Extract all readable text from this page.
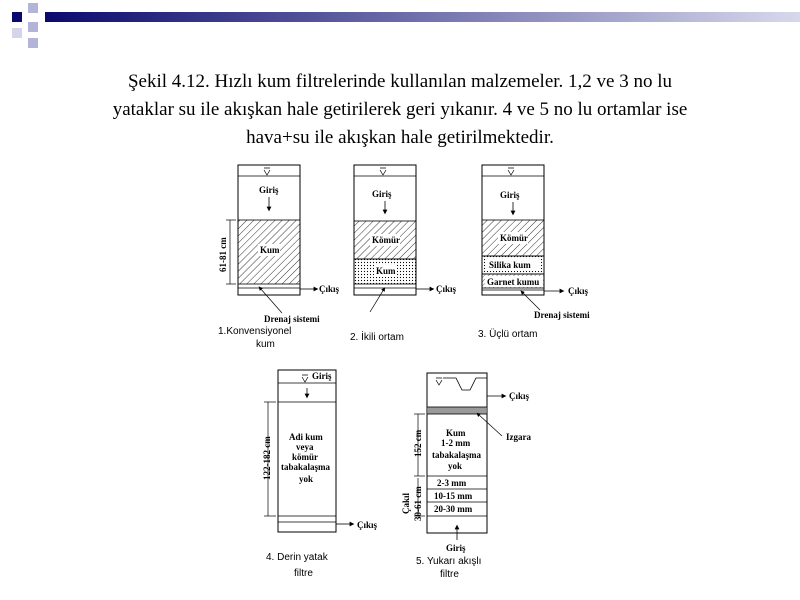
Şekil 4.12. Hızlı kum filtrelerinde kullanılan malzemeler. 1,2 ve 3 no lu
yataklar su ile akışkan hale getirilerek geri yıkanır. 4 ve 5 no lu ortamlar ise
hava+su ile akışkan hale getirilmektedir.
Giriş
Kum
61-81 cm
Çıkış
Drenaj sistemi
1.Konvensiyonel
kum
Giriş
Kömür
Kum
Çıkış
2. İkili ortam
Giriş
Kömür
Silika kum
Garnet kumu
Çıkış
Drenaj sistemi
3. Üçlü ortam
Giriş
Adi kum
veya
kömür
tabakalaşma
yok
122-182 cm
Çıkış
4. Derin yatak
filtre
Çıkış
Izgara
Kum
1-2 mm
tabakalaşma
yok
152 cm
2-3 mm
10-15 mm
20-30 mm
Çakıl 30-61 cm
Giriş
5. Yukarı akışlı
filtre
